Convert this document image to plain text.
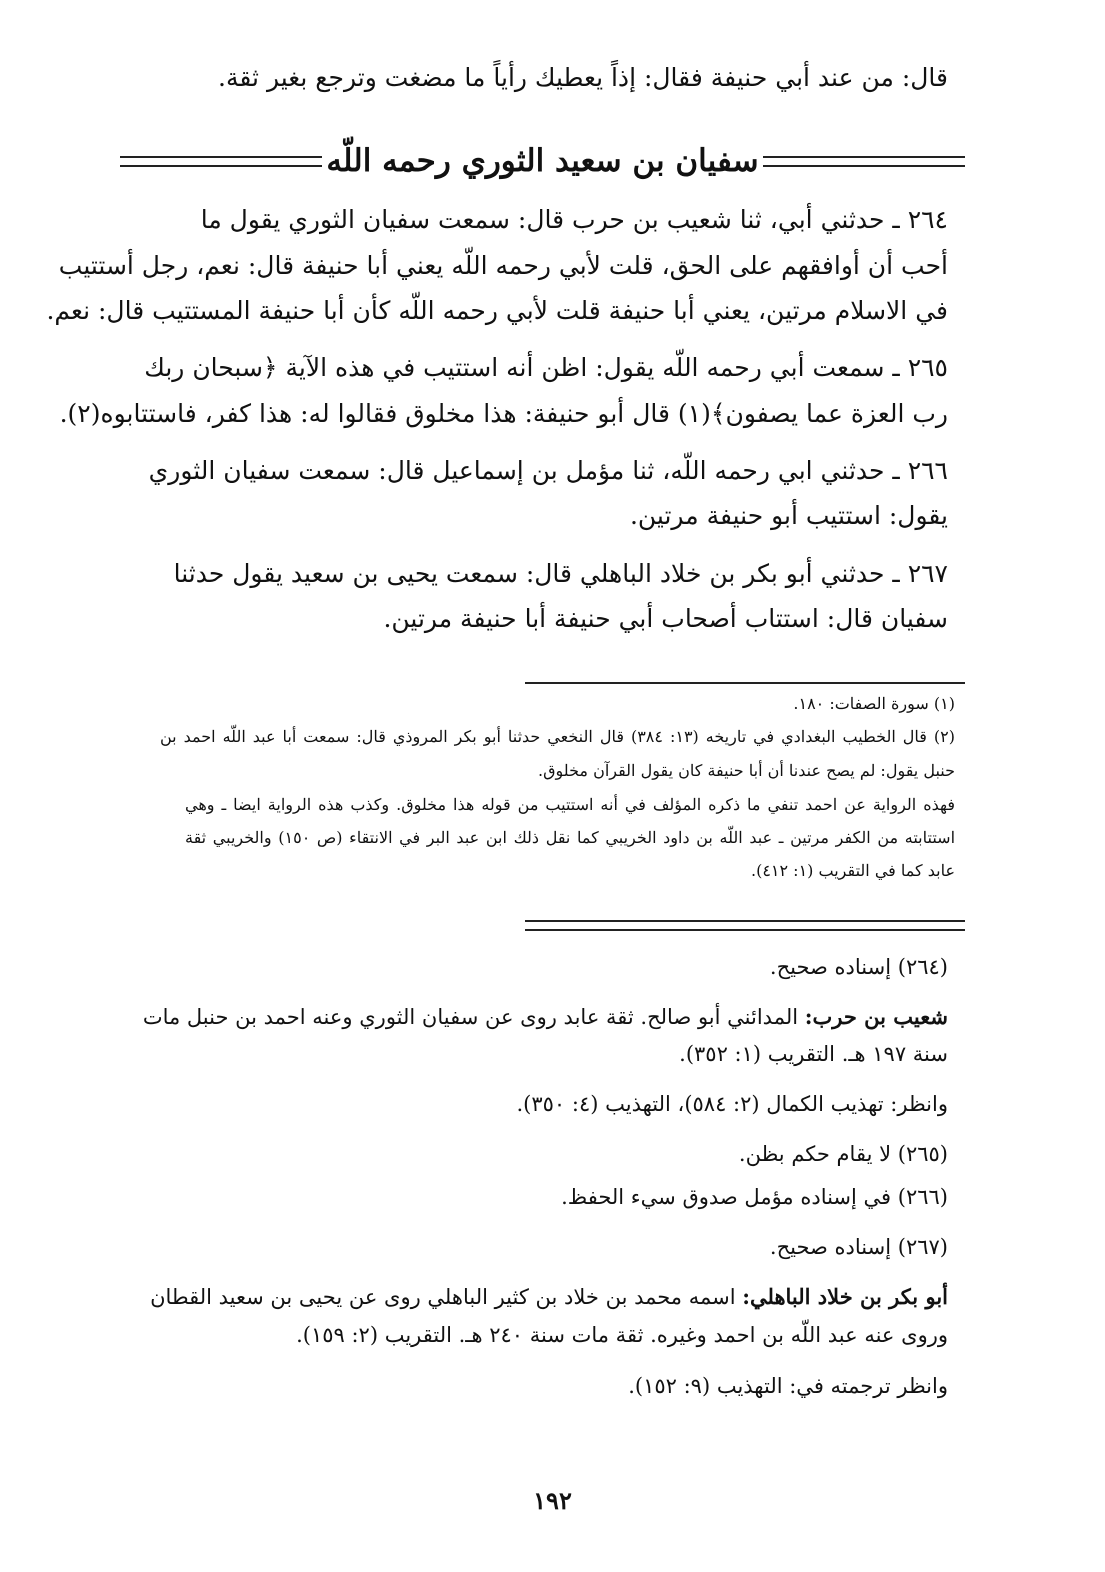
قال: من عند أبي حنيفة فقال: إذاً يعطيك رأياً ما مضغت وترجع بغير ثقة.
سفيان بن سعيد الثوري رحمه اللّه
٢٦٤ ـ حدثني أبي، ثنا شعيب بن حرب قال: سمعت سفيان الثوري يقول ما
أحب أن أوافقهم على الحق، قلت لأبي رحمه اللّه يعني أبا حنيفة قال: نعم، رجل أستتيب
في الاسلام مرتين، يعني أبا حنيفة قلت لأبي رحمه اللّه كأن أبا حنيفة المستتيب قال: نعم.
٢٦٥ ـ سمعت أبي رحمه اللّه يقول: اظن أنه استتيب في هذه الآية ﴿سبحان ربك
رب العزة عما يصفون﴾(١) قال أبو حنيفة: هذا مخلوق فقالوا له: هذا كفر، فاستتابوه(٢).
٢٦٦ ـ حدثني ابي رحمه اللّه، ثنا مؤمل بن إسماعيل قال: سمعت سفيان الثوري
يقول: استتيب أبو حنيفة مرتين.
٢٦٧ ـ حدثني أبو بكر بن خلاد الباهلي قال: سمعت يحيى بن سعيد يقول حدثنا
سفيان قال: استتاب أصحاب أبي حنيفة أبا حنيفة مرتين.
(١) سورة الصفات: ١٨٠.
(٢) قال الخطيب البغدادي في تاريخه (١٣: ٣٨٤) قال النخعي حدثنا أبو بكر المروذي قال: سمعت أبا عبد اللّه احمد بن
حنبل يقول: لم يصح عندنا أن أبا حنيفة كان يقول القرآن مخلوق.
فهذه الرواية عن احمد تنفي ما ذكره المؤلف في أنه استتيب من قوله هذا مخلوق. وكذب هذه الرواية ايضا ـ وهي
استتابته من الكفر مرتين ـ عبد اللّه بن داود الخريبي كما نقل ذلك ابن عبد البر في الانتقاء (ص ١٥٠) والخريبي ثقة
عابد كما في التقريب (١: ٤١٢).
(٢٦٤) إسناده صحيح.
شعيب بن حرب: المدائني أبو صالح. ثقة عابد روى عن سفيان الثوري وعنه احمد بن حنبل مات
سنة ١٩٧ هـ. التقريب (١: ٣٥٢).
وانظر: تهذيب الكمال (٢: ٥٨٤)، التهذيب (٤: ٣٥٠).
(٢٦٥) لا يقام حكم بظن.
(٢٦٦) في إسناده مؤمل صدوق سيء الحفظ.
(٢٦٧) إسناده صحيح.
أبو بكر بن خلاد الباهلي: اسمه محمد بن خلاد بن كثير الباهلي روى عن يحيى بن سعيد القطان
وروى عنه عبد اللّه بن احمد وغيره. ثقة مات سنة ٢٤٠ هـ. التقريب (٢: ١٥٩).
وانظر ترجمته في: التهذيب (٩: ١٥٢).
١٩٢
